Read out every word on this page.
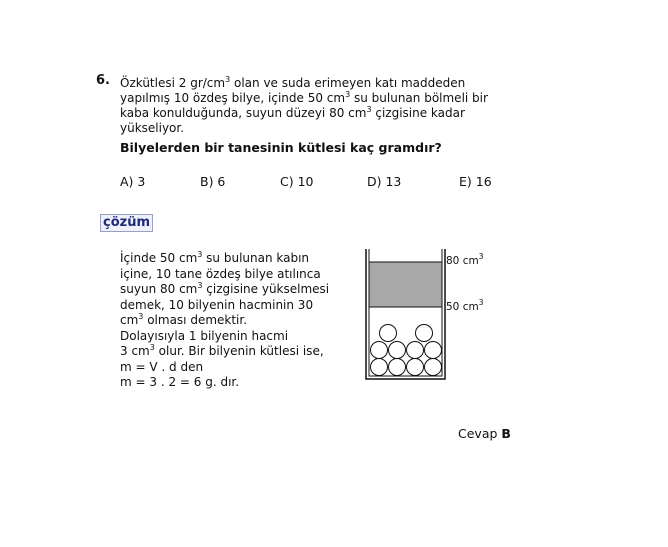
6. Özkütlesi 2 $gr/cm^3$ olan ve suda erimeyen katı maddeden
yapılmış 10 özdeş bilye, içinde 50 $cm^3$ su bulunan bölmeli bir
kaba konulduğunda, suyun düzeyi 80 $cm^3$ çizgisine kadar
yükseliyor.
Bilyelerden bir tanesinin kütlesi kaç gramdır?
A) 3	B) 6	C) 10	D) 13	E) 16
çözüm
İçinde 50 $cm^3$ su bulunan kabın
içine, 10 tane özdeş bilye atılınca
suyun 80 $cm^3$ çizgisine yükselmesi
demek, 10 bilyenin hacminin 30
$cm^3$ olması demektir.
Dolayısıyla 1 bilyenin hacmi
3 $cm^3$ olur. Bir bilyenin kütlesi ise,
m = V . d den
m = 3 . 2 = 6 g. dır.
80 $cm^3$
50 $cm^3$
Cevap B
